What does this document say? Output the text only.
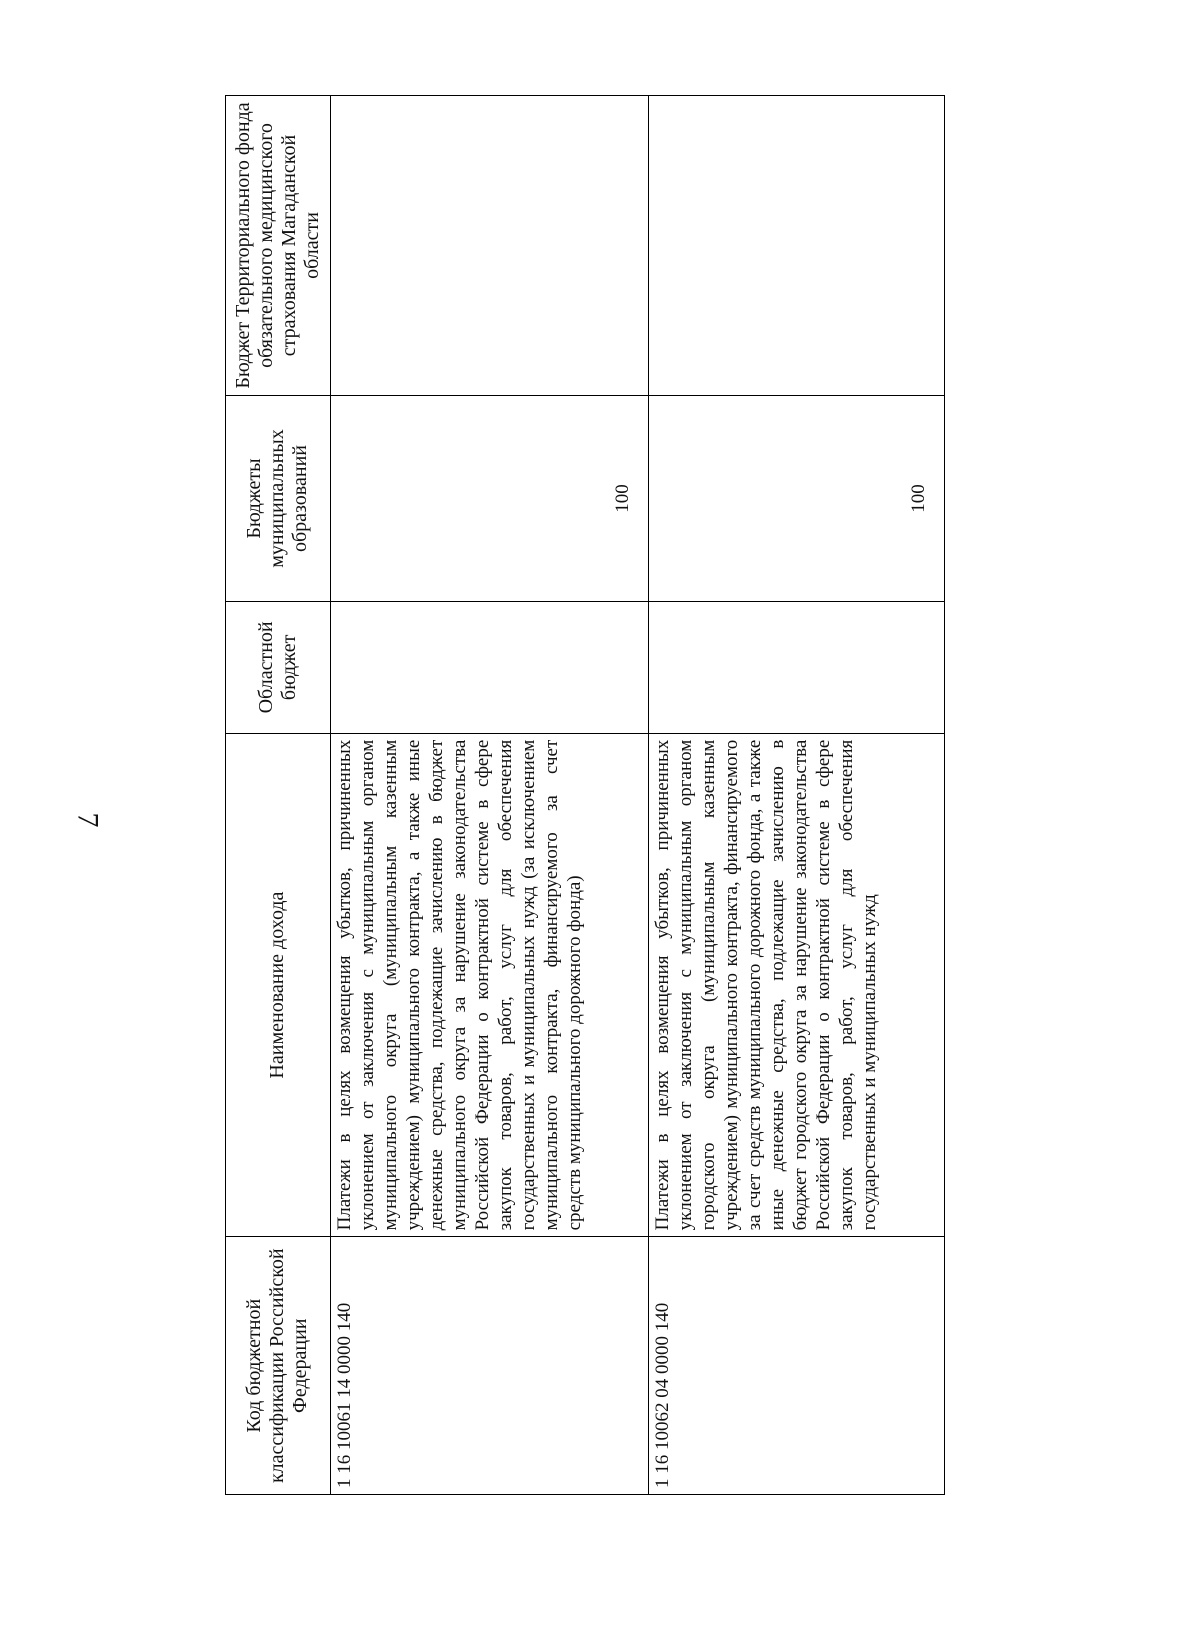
7
Код бюджетной классификации Российской Федерации	Наименование дохода	Областной бюджет	Бюджеты муниципальных образований	Бюджет Территориального фонда обязательного медицинского страхования Магаданской области
1 16 10061 14 0000 140	Платежи в целях возмещения убытков, причиненных уклонением от заключения с муниципальным органом муниципального округа (муниципальным казенным учреждением) муниципального контракта, а также иные денежные средства, подлежащие зачислению в бюджет муниципального округа за нарушение законодательства Российской Федерации о контрактной системе в сфере закупок товаров, работ, услуг для обеспечения государственных и муниципальных нужд (за исключением муниципального контракта, финансируемого за счет средств муниципального дорожного фонда)		100	
1 16 10062 04 0000 140	Платежи в целях возмещения убытков, причиненных уклонением от заключения с муниципальным органом городского округа (муниципальным казенным учреждением) муниципального контракта, финансируемого за счет средств муниципального дорожного фонда, а также иные денежные средства, подлежащие зачислению в бюджет городского округа за нарушение законодательства Российской Федерации о контрактной системе в сфере закупок товаров, работ, услуг для обеспечения государственных и муниципальных нужд		100	
